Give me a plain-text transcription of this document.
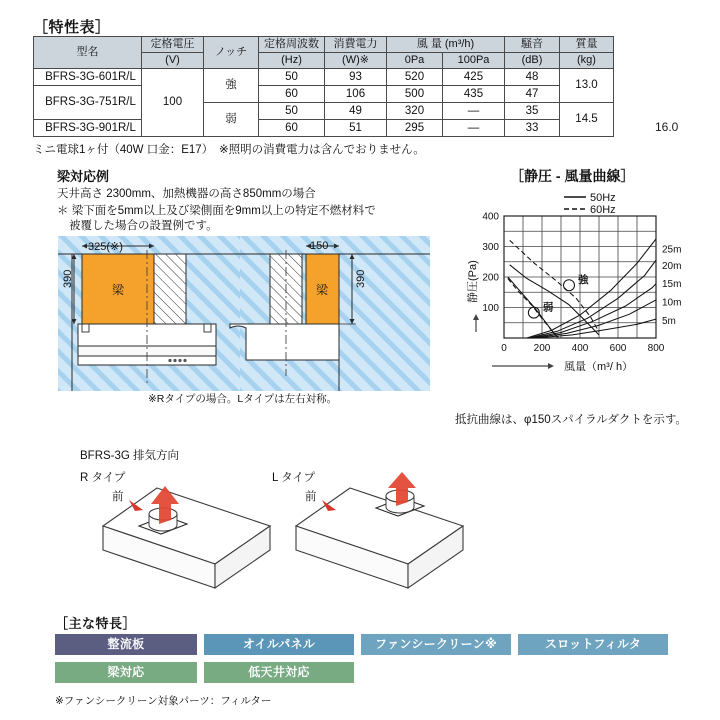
［特性表］
型名	定格電圧	ノッチ	定格周波数	消費電力	風 量 (m³/h)		騒音	質量
	(V)		(Hz)	(W)※	0Pa	100Pa	(dB)	(kg)
BFRS-3G-601R/L	100	強	50	93	520	425	48	13.0
BFRS-3G-751R/L			60	106	500	435	47	
		弱	50	49	320	—	35	14.5
BFRS-3G-901R/L			60	51	295	—	33		16.0
ミニ電球1ヶ付（40W 口金：E17）　※照明の消費電力は含んでおりません。
梁対応例
天井高さ 2300mm、加熱機器の高さ850mmの場合
＊ 梁下面を5mm以上及び梁側面を9mm以上の特定不燃材料で
被覆した場合の設置例です。
梁
325(※)
390
梁
150
390
※Rタイプの場合。Lタイプは左右対称。
［静圧 - 風量曲線］
0	200 400 600 800
100
200
300
400
25m
20m
15m
10m
5m
強
弱
50Hz
60Hz
静圧(Pa)
風量（m³/ h）
抵抗曲線は、φ150スパイラルダクトを示す。
BFRS-3G 排気方向
R タイプ	L タイプ
前	前
［主な特長］
整流板	オイルパネル	ファンシークリーン※	スロットフィルタ
梁対応	低天井対応
※ファンシークリーン対象パーツ：フィルター
